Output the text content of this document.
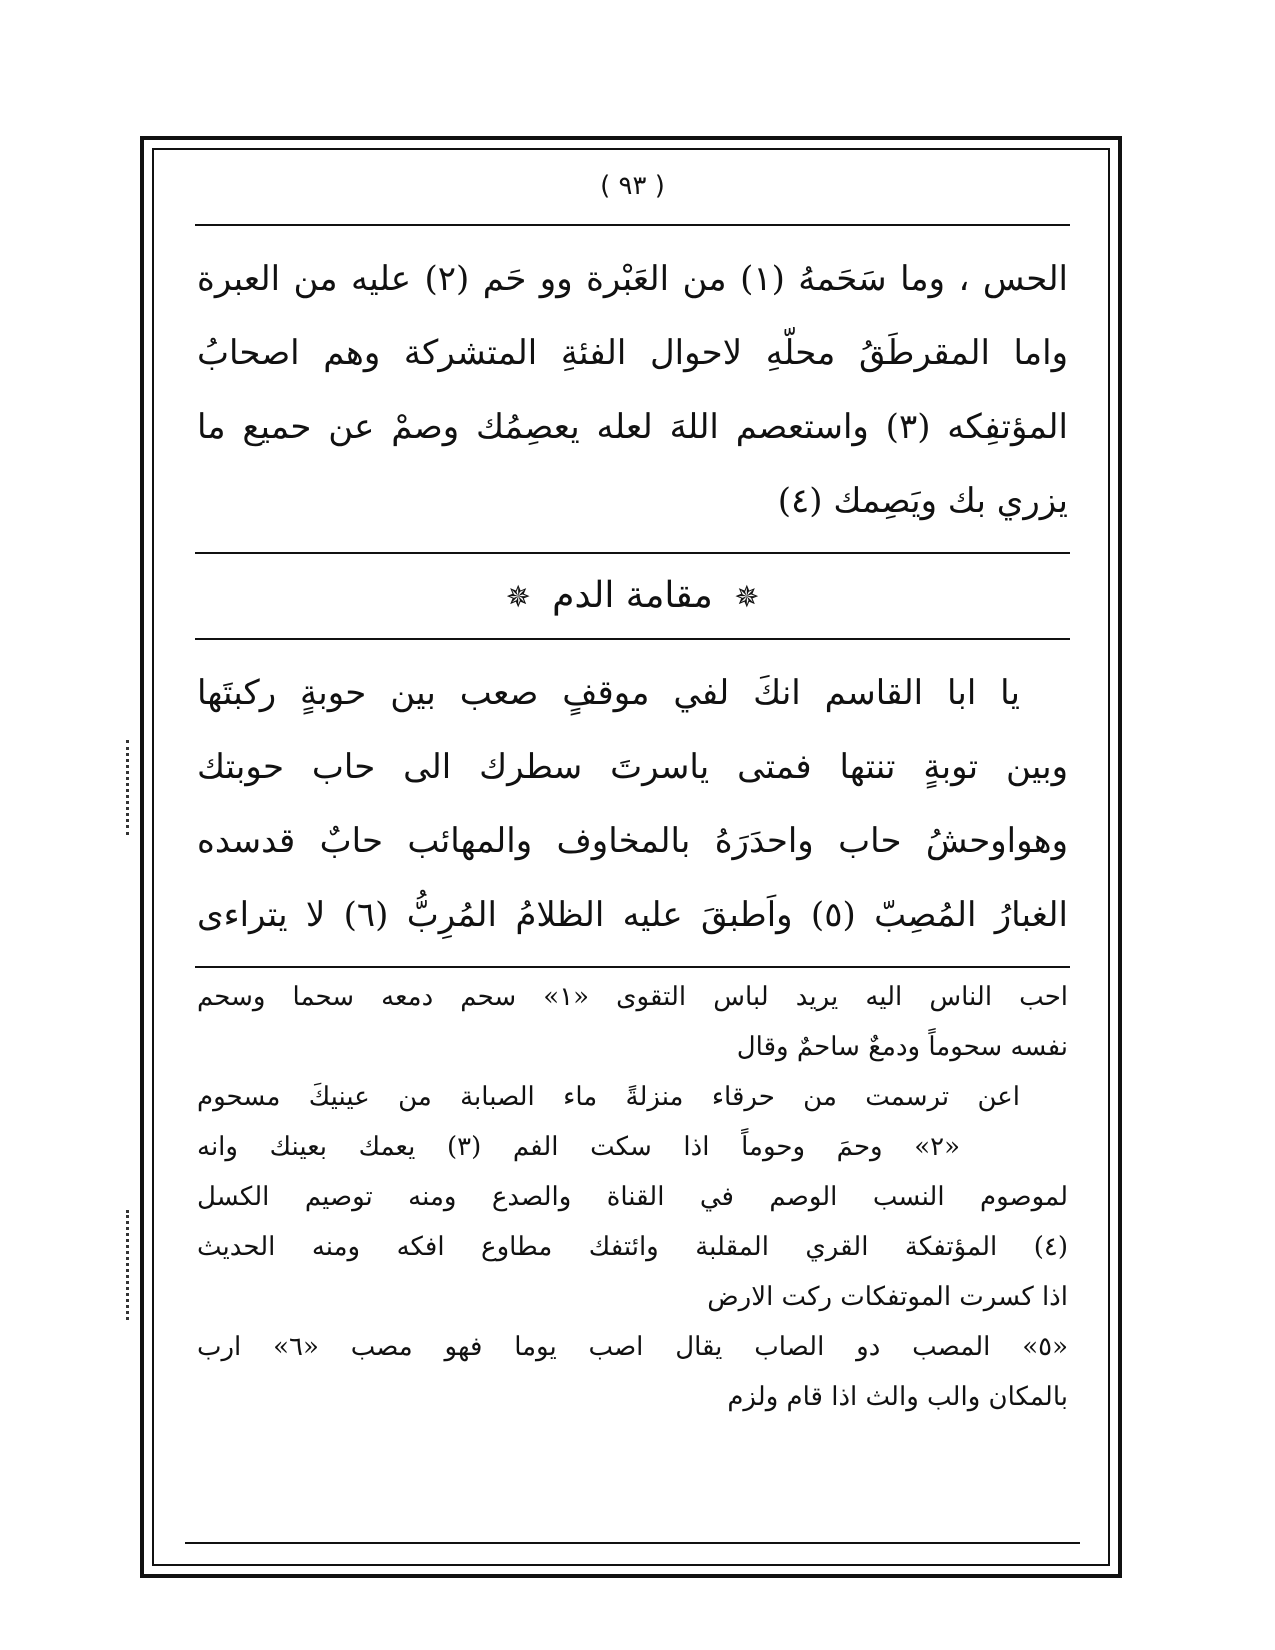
( ٩٣ )
الحس ، وما سَحَمهُ (١) من العَبْرة وو حَم (٢) عليه من العبرة
واما المقرطَقُ محلّهِ لاحوال الفئةِ المتشركة وهم اصحابُ
المؤتفِكه (٣) واستعصم اللهَ لعله يعصِمُك وصمْ عن حميع ما
يزري بك ويَصِمك (٤)
✵ مقامة الدم ✵
يا ابا القاسم انكَ لفي موقفٍ صعب بين حوبةٍ ركبتَها
وبين توبةٍ تنتها فمتى ياسرتَ سطرك الى حاب حوبتك
وهواوحشُ حاب واحدَرَهُ بالمخاوف والمهائب حابٌ قدسده
الغبارُ المُصِبّ (٥) واَطبقَ عليه الظلامُ المُرِبُّ (٦) لا يتراءى
احب الناس اليه يريد لباس التقوى «١» سحم دمعه سحما وسحم
نفسه سحوماً ودمعٌ ساحمٌ وقال
اعن ترسمت من حرقاء منزلةً ماء الصبابة من عينيكَ مسحوم
«٢» وحمَ وحوماً اذا سكت الفم (٣) يعمك بعينك وانه
لموصوم النسب الوصم في القناة والصدع ومنه توصيم الكسل
(٤) المؤتفكة القري المقلبة وائتفك مطاوع افكه ومنه الحديث
اذا كسرت الموتفكات ركت الارض
«٥» المصب دو الصاب يقال اصب يوما فهو مصب «٦» ارب
بالمكان والب والث اذا قام ولزم
